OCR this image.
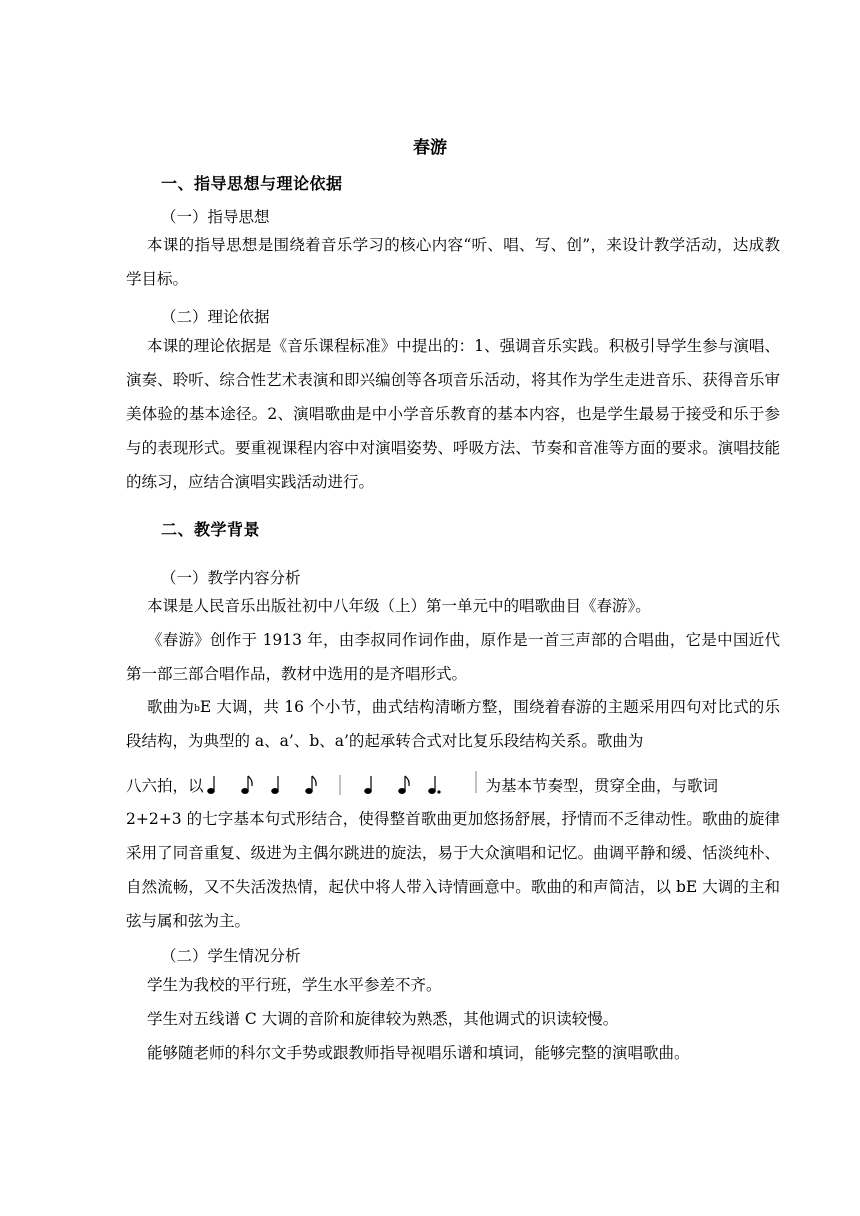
春游
一、指导思想与理论依据
（一）指导思想
本课的指导思想是围绕着音乐学习的核心内容“听、唱、写、创”，来设计教学活动，达成教学目标。
（二）理论依据
本课的理论依据是《音乐课程标准》中提出的：1、强调音乐实践。积极引导学生参与演唱、演奏、聆听、综合性艺术表演和即兴编创等各项音乐活动，将其作为学生走进音乐、获得音乐审美体验的基本途径。2、演唱歌曲是中小学音乐教育的基本内容，也是学生最易于接受和乐于参与的表现形式。要重视课程内容中对演唱姿势、呼吸方法、节奏和音准等方面的要求。演唱技能的练习，应结合演唱实践活动进行。
二、教学背景
（一）教学内容分析
本课是人民音乐出版社初中八年级（上）第一单元中的唱歌曲目《春游》。
《春游》创作于 1913 年，由李叔同作词作曲，原作是一首三声部的合唱曲，它是中国近代第一部三部合唱作品，教材中选用的是齐唱形式。
歌曲为$^b$E 大调，共 16 个小节，曲式结构清晰方整，围绕着春游的主题采用四句对比式的乐段结构，为典型的 a、a’、b、a’的起承转合式对比复乐段结构关系。歌曲为
八六拍，以	为基本节奏型，贯穿全曲，与歌词
2+2+3 的七字基本句式形结合，使得整首歌曲更加悠扬舒展，抒情而不乏律动性。歌曲的旋律采用了同音重复、级进为主偶尔跳进的旋法，易于大众演唱和记忆。曲调平静和缓、恬淡纯朴、自然流畅，又不失活泼热情，起伏中将人带入诗情画意中。歌曲的和声简洁，以 bE 大调的主和弦与属和弦为主。
（二）学生情况分析
学生为我校的平行班，学生水平参差不齐。
学生对五线谱 C 大调的音阶和旋律较为熟悉，其他调式的识读较慢。
能够随老师的科尔文手势或跟教师指导视唱乐谱和填词，能够完整的演唱歌曲。
